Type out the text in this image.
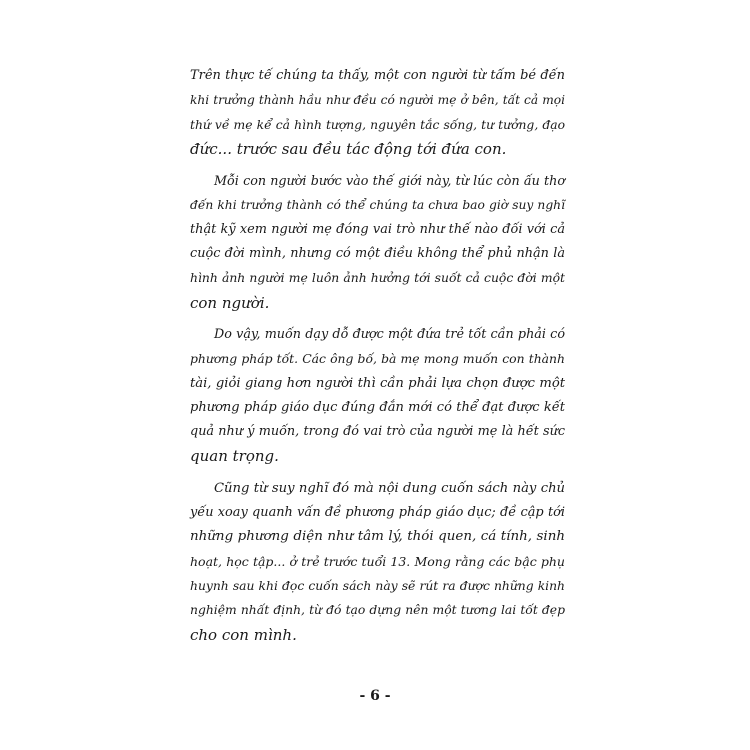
Trên thực tế chúng ta thấy, một con người từ tấm bé đến
khi trưởng thành hầu như đều có người mẹ ở bên, tất cả mọi
thứ về mẹ kể cả hình tượng, nguyên tắc sống, tư tưởng, đạo
đức... trước sau đều tác động tới đứa con.
Mỗi con người bước vào thế giới này, từ lúc còn ấu thơ
đến khi trưởng thành có thể chúng ta chưa bao giờ suy nghĩ
thật kỹ xem người mẹ đóng vai trò như thế nào đối với cả
cuộc đời mình, nhưng có một điều không thể phủ nhận là
hình ảnh người mẹ luôn ảnh hưởng tới suốt cả cuộc đời một
con người.
Do vậy, muốn dạy dỗ được một đứa trẻ tốt cần phải có
phương pháp tốt. Các ông bố, bà mẹ mong muốn con thành
tài, giỏi giang hơn người thì cần phải lựa chọn được một
phương pháp giáo dục đúng đắn mới có thể đạt được kết
quả như ý muốn, trong đó vai trò của người mẹ là hết sức
quan trọng.
Cũng từ suy nghĩ đó mà nội dung cuốn sách này chủ
yếu xoay quanh vấn đề phương pháp giáo dục; đề cập tới
những phương diện như tâm lý, thói quen, cá tính, sinh
hoạt, học tập... ở trẻ trước tuổi 13. Mong rằng các bậc phụ
huynh sau khi đọc cuốn sách này sẽ rút ra được những kinh
nghiệm nhất định, từ đó tạo dựng nên một tương lai tốt đẹp
cho con mình.
- 6 -
